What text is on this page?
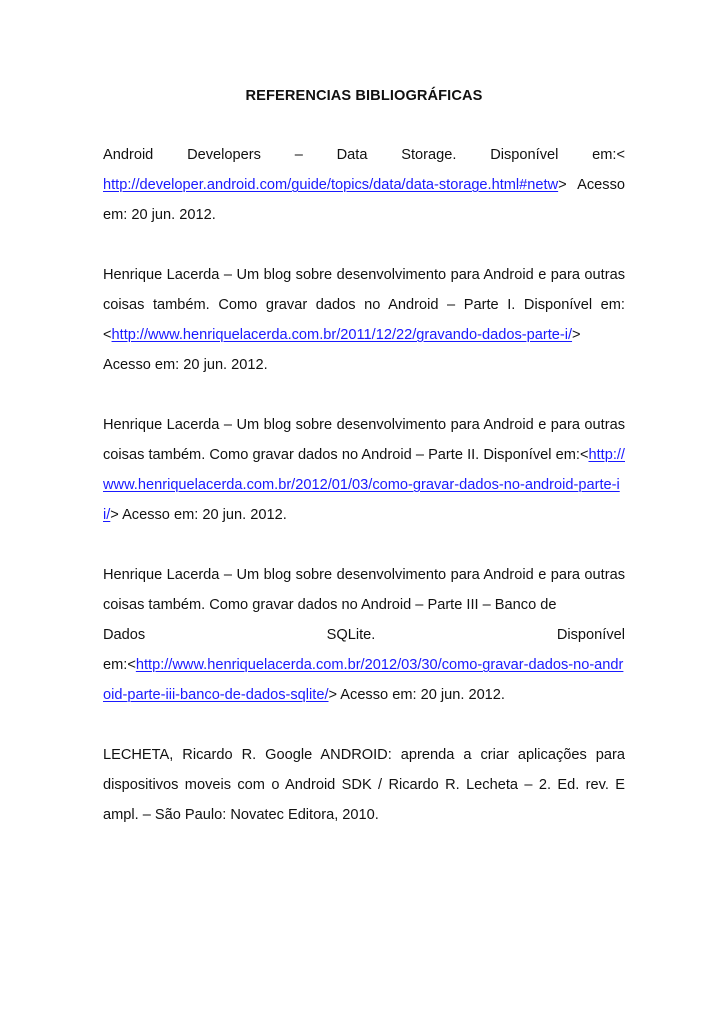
REFERENCIAS BIBLIOGRÁFICAS
Android Developers – Data Storage. Disponível em:<
http://developer.android.com/guide/topics/data/data-storage.html#netw> Acesso em: 20 jun. 2012.
Henrique Lacerda – Um blog sobre desenvolvimento para Android e para outras coisas também. Como gravar dados no Android – Parte I. Disponível em:<http://www.henriquelacerda.com.br/2011/12/22/gravando-dados-parte-i/> Acesso em: 20 jun. 2012.
Henrique Lacerda – Um blog sobre desenvolvimento para Android e para outras coisas também. Como gravar dados no Android – Parte II. Disponível em:<http://www.henriquelacerda.com.br/2012/01/03/como-gravar-dados-no-android-parte-ii/> Acesso em: 20 jun. 2012.
Henrique Lacerda – Um blog sobre desenvolvimento para Android e para outras coisas também. Como gravar dados no Android – Parte III – Banco de
Dados SQLite. Disponível
em:<http://www.henriquelacerda.com.br/2012/03/30/como-gravar-dados-no-android-parte-iii-banco-de-dados-sqlite/> Acesso em: 20 jun. 2012.
LECHETA, Ricardo R. Google ANDROID: aprenda a criar aplicações para dispositivos moveis com o Android SDK / Ricardo R. Lecheta – 2. Ed. rev. E ampl. – São Paulo: Novatec Editora, 2010.
